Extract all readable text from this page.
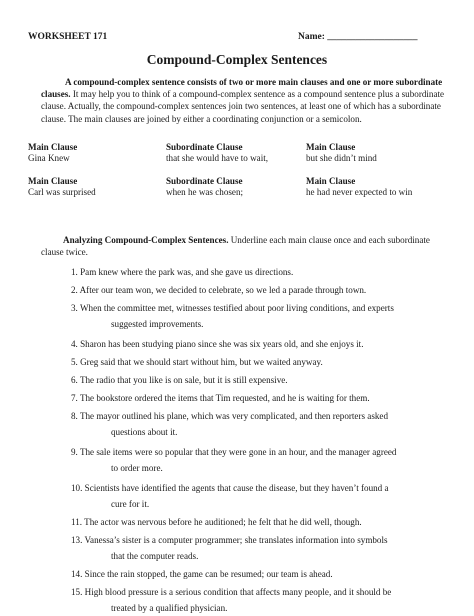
WORKSHEET 171	Name: ___________________
Compound-Complex Sentences
A compound-complex sentence consists of two or more main clauses and one or more subordinate clauses. It may help you to think of a compound-complex sentence as a compound sentence plus a subordinate clause. Actually, the compound-complex sentences join two sentences, at least one of which has a subordinate clause. The main clauses are joined by either a coordinating conjunction or a semicolon.
Main Clause
Gina Knew
Subordinate Clause
that she would have to wait,
Main Clause
but she didn’t mind
Main Clause
Carl was surprised
Subordinate Clause
when he was chosen;
Main Clause
he had never expected to win
Analyzing Compound-Complex Sentences. Underline each main clause once and each subordinate clause twice.
1. Pam knew where the park was, and she gave us directions.
2. After our team won, we decided to celebrate, so we led a parade through town.
3. When the committee met, witnesses testified about poor living conditions, and experts
suggested improvements.
4. Sharon has been studying piano since she was six years old, and she enjoys it.
5. Greg said that we should start without him, but we waited anyway.
6. The radio that you like is on sale, but it is still expensive.
7. The bookstore ordered the items that Tim requested, and he is waiting for them.
8. The mayor outlined his plane, which was very complicated, and then reporters asked
questions about it.
9. The sale items were so popular that they were gone in an hour, and the manager agreed
to order more.
10. Scientists have identified the agents that cause the disease, but they haven’t found a
cure for it.
11. The actor was nervous before he auditioned; he felt that he did well, though.
13. Vanessa’s sister is a computer programmer; she translates information into symbols
that the computer reads.
14. Since the rain stopped, the game can be resumed; our team is ahead.
15. High blood pressure is a serious condition that affects many people, and it should be
treated by a qualified physician.
